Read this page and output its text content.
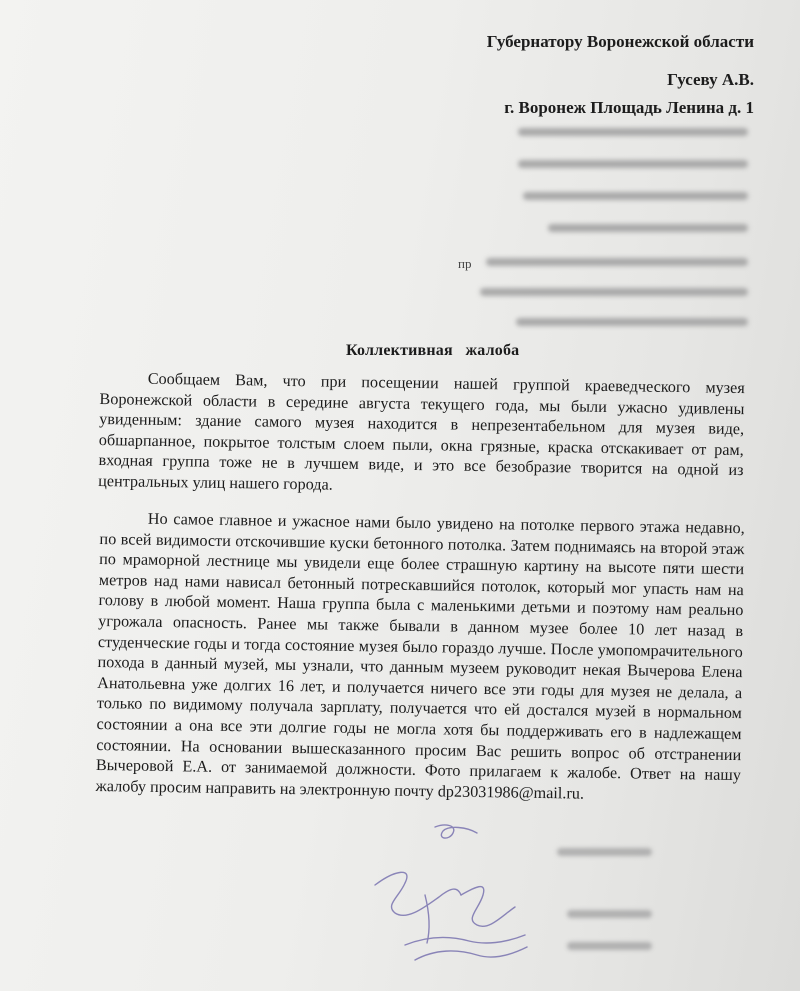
Губернатору Воронежской области
Гусеву А.В.
г. Воронеж Площадь Ленина д. 1
пр
Коллективная   жалоба
Сообщаем Вам, что при посещении нашей группой краеведческого музея Воронежской области в середине августа текущего года, мы были ужасно удивлены увиденным: здание самого музея находится в непрезентабельном для музея виде, обшарпанное, покрытое толстым слоем пыли, окна грязные, краска отскакивает от рам, входная группа тоже не в лучшем виде, и это все безобразие творится на одной из центральных улиц нашего города.
Но самое главное и ужасное нами было увидено на потолке первого этажа недавно, по всей видимости отскочившие куски бетонного потолка. Затем поднимаясь на второй этаж по мраморной лестнице мы увидели еще более страшную картину на высоте пяти шести метров над нами нависал бетонный потрескавшийся потолок, который мог упасть нам на голову в любой момент. Наша группа была с маленькими детьми и поэтому нам реально угрожала опасность. Ранее мы также бывали в данном музее более 10 лет назад в студенческие годы и тогда состояние музея было гораздо лучше. После умопомрачительного похода в данный музей, мы узнали, что данным музеем руководит некая Вычерова Елена Анатольевна уже долгих 16 лет, и получается ничего все эти годы для музея не делала, а только по видимому получала зарплату, получается что ей достался музей в нормальном состоянии а она все эти долгие годы не могла хотя бы поддерживать его в надлежащем состоянии. На основании вышесказанного просим Вас решить вопрос об отстранении Вычеровой Е.А. от занимаемой должности. Фото прилагаем к жалобе. Ответ на нашу жалобу просим направить на электронную почту dp23031986@mail.ru.
